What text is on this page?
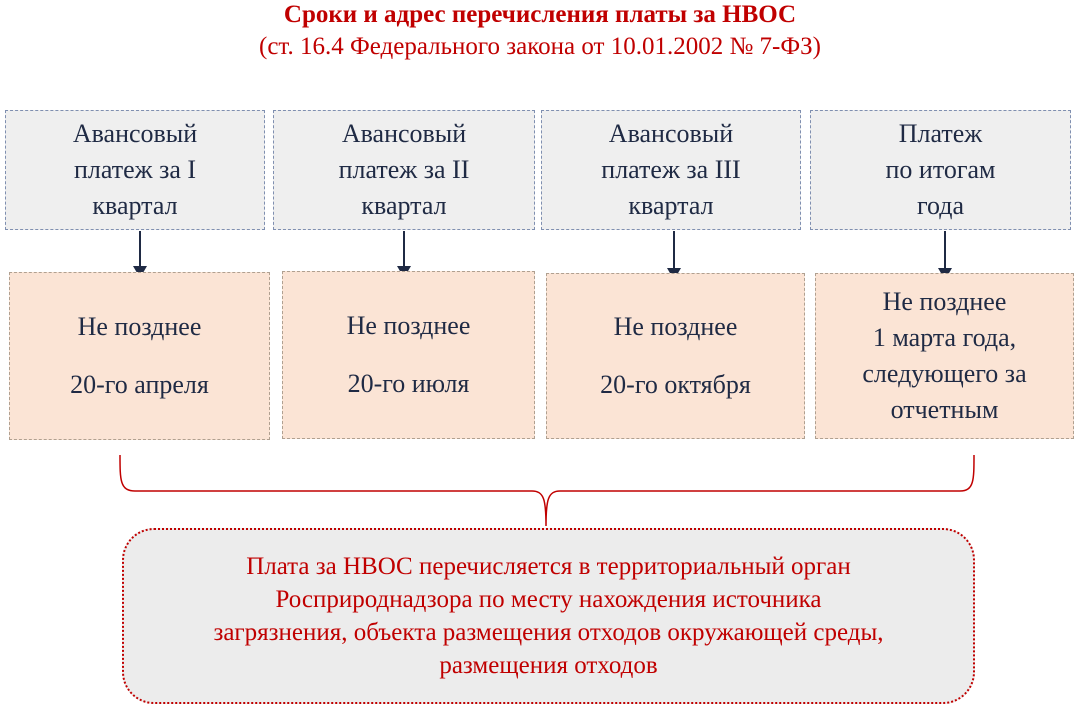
Сроки и адрес перечисления платы за НВОС
(ст. 16.4 Федерального закона от 10.01.2002 № 7-ФЗ)
Авансовый
платеж за I
квартал
Авансовый
платеж за II
квартал
Авансовый
платеж за III
квартал
Платеж
по итогам
года
Не позднее
20-го апреля
Не позднее
20-го июля
Не позднее
20-го октября
Не позднее
1 марта года,
следующего за
отчетным
Плата за НВОС перечисляется в территориальный орган
Росприроднадзора по месту нахождения источника
загрязнения, объекта размещения отходов окружающей среды,
размещения отходов
